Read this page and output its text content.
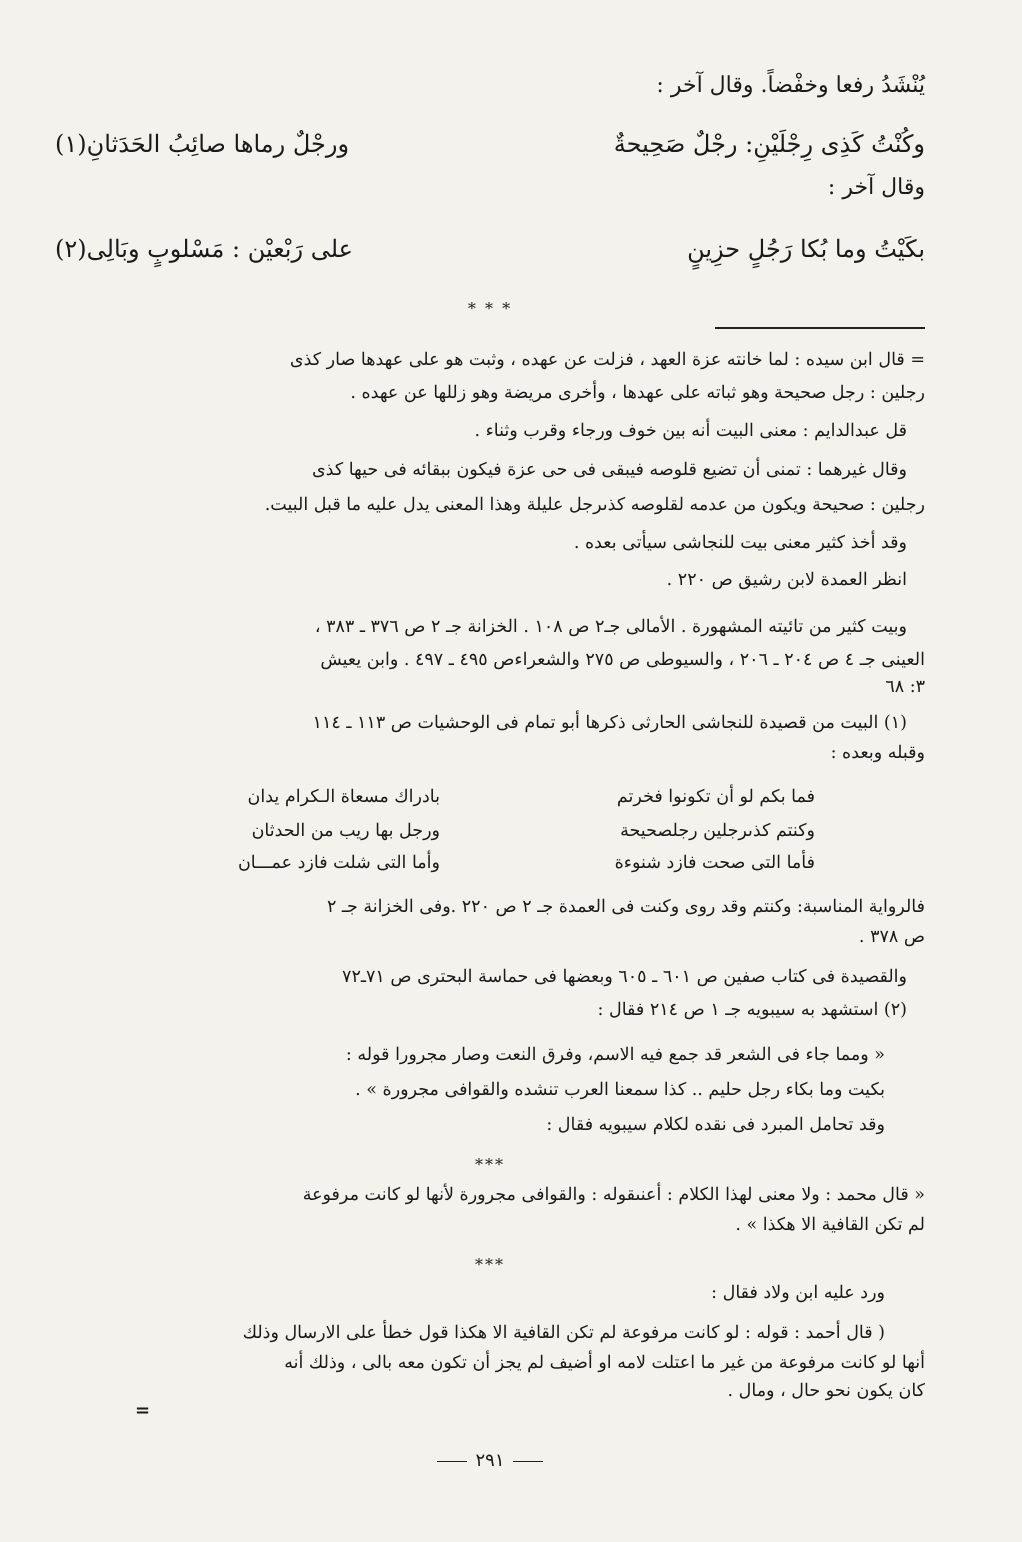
يُنْشَدُ رفعا وخفْضاً. وقال آخر :
وكُنْتُ كَذِى رِجْلَيْنِ: رجْلٌ صَحِيحةٌ
ورجْلٌ رماها صائِبُ الحَدَثانِ(١)
وقال آخر :
بكَيْتُ وما بُكا رَجُلٍ حزِينٍ
على رَبْعيْن : مَسْلوبٍ وبَالِى(٢)
* * *
= قال ابن سيده : لما خانته عزة العهد ، فزلت عن عهده ، وثبت هو على عهدها صار كذى
رجلين : رجل صحيحة وهو ثباته على عهدها ، وأخرى مريضة وهو زللها عن عهده .
قل عبدالدايم : معنى البيت أنه بين خوف ورجاء وقرب وثناء .
وقال غيرهما : تمنى أن تضيع قلوصه فيبقى فى حى عزة فيكون ببقائه فى حيها كذى
رجلين : صحيحة ويكون من عدمه لقلوصه كذىرجل عليلة وهذا المعنى يدل عليه ما قبل البيت.
وقد أخذ كثير معنى بيت للنجاشى سيأتى بعده .
انظر العمدة لابن رشيق ص ٢٢٠ .
وبيت كثير من تائيته المشهورة . الأمالى جـ٢ ص ١٠٨ . الخزانة جـ ٢ ص ٣٧٦ ـ ٣٨٣ ،
العينى جـ ٤ ص ٢٠٤ ـ ٢٠٦ ، والسيوطى ص ٢٧٥ والشعراءص ٤٩٥ ـ ٤٩٧ . وابن يعيش
٣: ٦٨
(١) البيت من قصيدة للنجاشى الحارثى ذكرها أبو تمام فى الوحشيات ص ١١٣ ـ ١١٤
وقبله وبعده :
فما بكم لو أن تكونوا فخرتم
بادراك مسعاة الـكرام يدان
وكنتم كذىرجلين رجلصحيحة
ورجل بها ريب من الحدثان
فأما التى صحت فازد شنوءة
وأما التى شلت فازد عمـــان
فالرواية المناسبة: وكنتم وقد روى وكنت فى العمدة جـ ٢ ص ٢٢٠ .وفى الخزانة جـ ٢
ص ٣٧٨ .
والقصيدة فى كتاب صفين ص ٦٠١ ـ ٦٠٥ وبعضها فى حماسة البحترى ص ٧١ـ٧٢
(٢) استشهد به سيبويه جـ ١ ص ٢١٤ فقال :
« ومما جاء فى الشعر قد جمع فيه الاسم، وفرق النعت وصار مجرورا قوله :
بكيت وما بكاء رجل حليم .. كذا سمعنا العرب تنشده والقوافى مجرورة » .
وقد تحامل المبرد فى نقده لكلام سيبويه فقال :
***
« قال محمد : ولا معنى لهذا الكلام : أعنىقوله : والقوافى مجرورة لأنها لو كانت مرفوعة
لم تكن القافية الا هكذا » .
***
ورد عليه ابن ولاد فقال :
( قال أحمد : قوله : لو كانت مرفوعة لم تكن القافية الا هكذا قول خطأ على الارسال وذلك
أنها لو كانت مرفوعة من غير ما اعتلت لامه او أضيف لم يجز أن تكون معه بالى ، وذلك أنه
كان يكون نحو حال ، ومال .
=
٢٩١
